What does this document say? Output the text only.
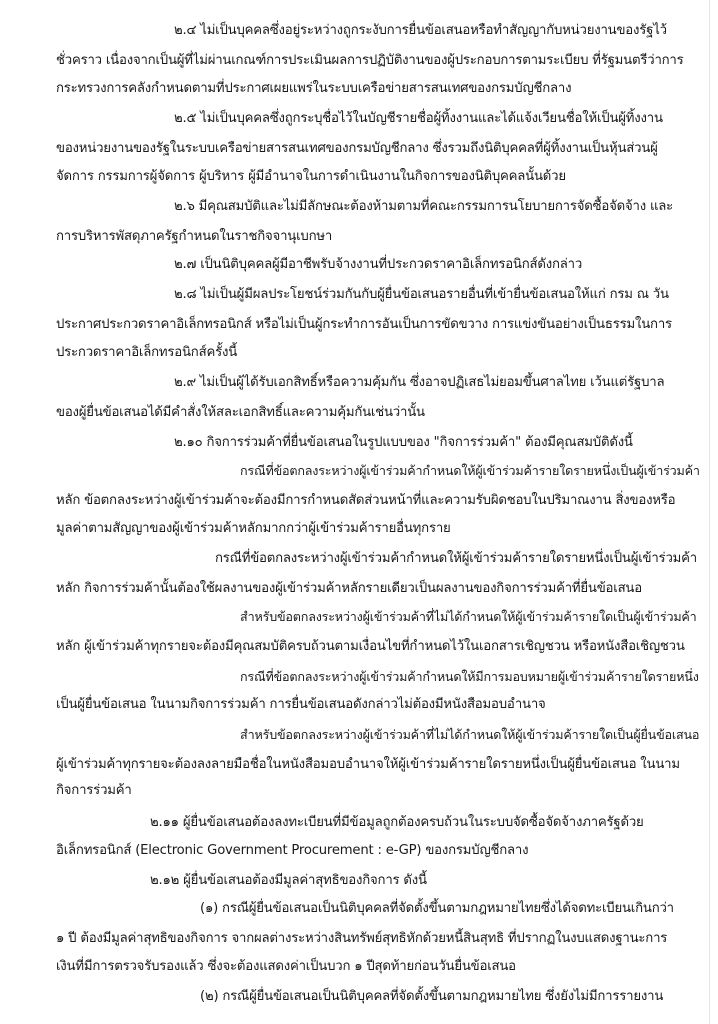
๒.๔ ไม่เป็นบุคคลซึ่งอยู่ระหว่างถูกระงับการยื่นข้อเสนอหรือทำสัญญากับหน่วยงานของรัฐไว้
ชั่วคราว เนื่องจากเป็นผู้ที่ไม่ผ่านเกณฑ์การประเมินผลการปฏิบัติงานของผู้ประกอบการตามระเบียบ ที่รัฐมนตรีว่าการ
กระทรวงการคลังกำหนดตามที่ประกาศเผยแพร่ในระบบเครือข่ายสารสนเทศของกรมบัญชีกลาง
๒.๕ ไม่เป็นบุคคลซึ่งถูกระบุชื่อไว้ในบัญชีรายชื่อผู้ทิ้งงานและได้แจ้งเวียนชื่อให้เป็นผู้ทิ้งงาน
ของหน่วยงานของรัฐในระบบเครือข่ายสารสนเทศของกรมบัญชีกลาง ซึ่งรวมถึงนิติบุคคลที่ผู้ทิ้งงานเป็นหุ้นส่วนผู้
จัดการ กรรมการผู้จัดการ ผู้บริหาร ผู้มีอำนาจในการดำเนินงานในกิจการของนิติบุคคลนั้นด้วย
๒.๖ มีคุณสมบัติและไม่มีลักษณะต้องห้ามตามที่คณะกรรมการนโยบายการจัดซื้อจัดจ้าง และ
การบริหารพัสดุภาครัฐกำหนดในราชกิจจานุเบกษา
๒.๗ เป็นนิติบุคคลผู้มีอาชีพรับจ้างงานที่ประกวดราคาอิเล็กทรอนิกส์ดังกล่าว
๒.๘ ไม่เป็นผู้มีผลประโยชน์ร่วมกันกับผู้ยื่นข้อเสนอรายอื่นที่เข้ายื่นข้อเสนอให้แก่ กรม ณ วัน
ประกาศประกวดราคาอิเล็กทรอนิกส์ หรือไม่เป็นผู้กระทำการอันเป็นการขัดขวาง การแข่งขันอย่างเป็นธรรมในการ
ประกวดราคาอิเล็กทรอนิกส์ครั้งนี้
๒.๙ ไม่เป็นผู้ได้รับเอกสิทธิ์หรือความคุ้มกัน ซึ่งอาจปฏิเสธไม่ยอมขึ้นศาลไทย เว้นแต่รัฐบาล
ของผู้ยื่นข้อเสนอได้มีคำสั่งให้สละเอกสิทธิ์และความคุ้มกันเช่นว่านั้น
๒.๑๐ กิจการร่วมค้าที่ยื่นข้อเสนอในรูปแบบของ "กิจการร่วมค้า" ต้องมีคุณสมบัติดังนี้
กรณีที่ข้อตกลงระหว่างผู้เข้าร่วมค้ากำหนดให้ผู้เข้าร่วมค้ารายใดรายหนึ่งเป็นผู้เข้าร่วมค้า
หลัก ข้อตกลงระหว่างผู้เข้าร่วมค้าจะต้องมีการกำหนดสัดส่วนหน้าที่และความรับผิดชอบในปริมาณงาน สิ่งของหรือ
มูลค่าตามสัญญาของผู้เข้าร่วมค้าหลักมากกว่าผู้เข้าร่วมค้ารายอื่นทุกราย
กรณีที่ข้อตกลงระหว่างผู้เข้าร่วมค้ากำหนดให้ผู้เข้าร่วมค้ารายใดรายหนึ่งเป็นผู้เข้าร่วมค้า
หลัก กิจการร่วมค้านั้นต้องใช้ผลงานของผู้เข้าร่วมค้าหลักรายเดียวเป็นผลงานของกิจการร่วมค้าที่ยื่นข้อเสนอ
สำหรับข้อตกลงระหว่างผู้เข้าร่วมค้าที่ไม่ได้กำหนดให้ผู้เข้าร่วมค้ารายใดเป็นผู้เข้าร่วมค้า
หลัก ผู้เข้าร่วมค้าทุกรายจะต้องมีคุณสมบัติครบถ้วนตามเงื่อนไขที่กำหนดไว้ในเอกสารเชิญชวน หรือหนังสือเชิญชวน
กรณีที่ข้อตกลงระหว่างผู้เข้าร่วมค้ากำหนดให้มีการมอบหมายผู้เข้าร่วมค้ารายใดรายหนึ่ง
เป็นผู้ยื่นข้อเสนอ ในนามกิจการร่วมค้า การยื่นข้อเสนอดังกล่าวไม่ต้องมีหนังสือมอบอำนาจ
สำหรับข้อตกลงระหว่างผู้เข้าร่วมค้าที่ไม่ได้กำหนดให้ผู้เข้าร่วมค้ารายใดเป็นผู้ยื่นข้อเสนอ
ผู้เข้าร่วมค้าทุกรายจะต้องลงลายมือชื่อในหนังสือมอบอำนาจให้ผู้เข้าร่วมค้ารายใดรายหนึ่งเป็นผู้ยื่นข้อเสนอ ในนาม
กิจการร่วมค้า
๒.๑๑ ผู้ยื่นข้อเสนอต้องลงทะเบียนที่มีข้อมูลถูกต้องครบถ้วนในระบบจัดซื้อจัดจ้างภาครัฐด้วย
อิเล็กทรอนิกส์ (Electronic Government Procurement : e-GP) ของกรมบัญชีกลาง
๒.๑๒ ผู้ยื่นข้อเสนอต้องมีมูลค่าสุทธิของกิจการ ดังนี้
(๑) กรณีผู้ยื่นข้อเสนอเป็นนิติบุคคลที่จัดตั้งขึ้นตามกฎหมายไทยซึ่งได้จดทะเบียนเกินกว่า
๑ ปี ต้องมีมูลค่าสุทธิของกิจการ จากผลต่างระหว่างสินทรัพย์สุทธิหักด้วยหนี้สินสุทธิ ที่ปรากฏในงบแสดงฐานะการ
เงินที่มีการตรวจรับรองแล้ว ซึ่งจะต้องแสดงค่าเป็นบวก ๑ ปีสุดท้ายก่อนวันยื่นข้อเสนอ
(๒) กรณีผู้ยื่นข้อเสนอเป็นนิติบุคคลที่จัดตั้งขึ้นตามกฎหมายไทย ซึ่งยังไม่มีการรายงาน
